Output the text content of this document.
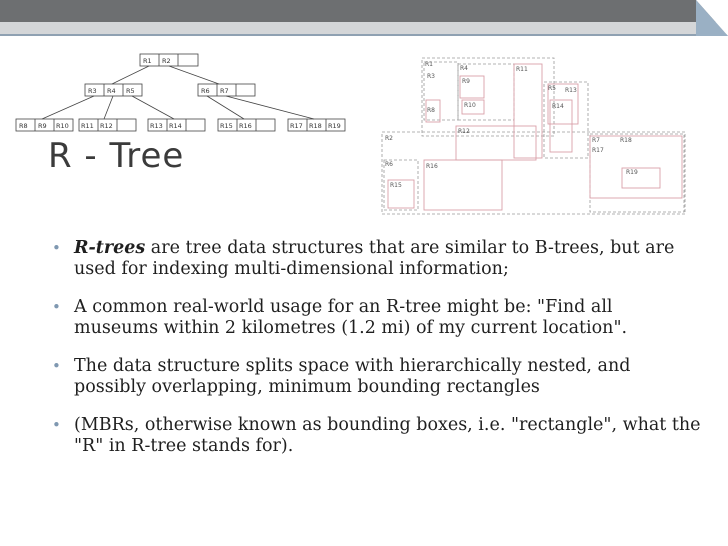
R1 R2
R3 R4 R5	R6 R7
R8 R9 R10 R11 R12	R13 R14	R15 R16	R17 R18 R19
R1
R2
R3
R4
R5
R6
R7
R8
R9
R10
R11
R12
R13
R14
R15
R16
R17
R18
R19
R - Tree
• R-trees are tree data structures that are similar to B-trees, but are used for indexing multi-dimensional information;
• A common real-world usage for an R-tree might be: "Find all museums within 2 kilometres (1.2 mi) of my current location".
• The data structure splits space with hierarchically nested, and possibly overlapping, minimum bounding rectangles
• (MBRs, otherwise known as bounding boxes, i.e. "rectangle", what the "R" in R-tree stands for).
